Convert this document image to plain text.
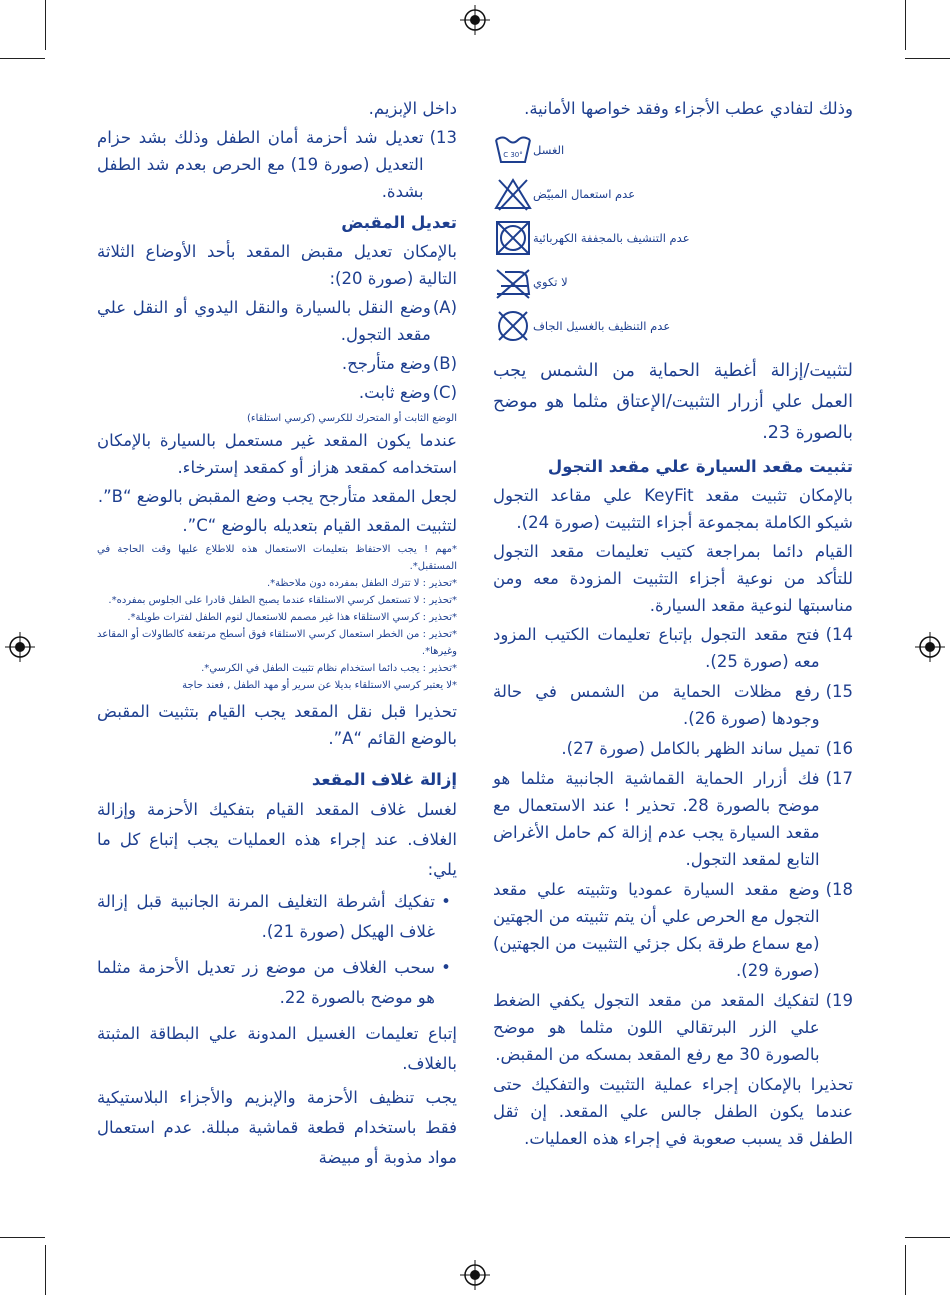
وذلك لتفادي عطب الأجزاء وفقد خواصها الأمانية.

30° C الغسل
عدم استعمال المبيّض
عدم التنشيف بالمجففة الكهربائية
لا تكوي
عدم التنظيف بالغسيل الجاف

لتثبيت/إزالة أغطية الحماية من الشمس يجب العمل علي أزرار التثبيت/الإعتاق مثلما هو موضح بالصورة 23.

تثبيت مقعد السيارة علي مقعد التجول

بالإمكان تثبيت مقعد KeyFit علي مقاعد التجول شيكو الكاملة بمجموعة أجزاء التثبيت (صورة 24).

القيام دائما بمراجعة كتيب تعليمات مقعد التجول للتأكد من نوعية أجزاء التثبيت المزودة معه ومن مناسبتها لنوعية مقعد السيارة.

14)
فتح مقعد التجول بإتباع تعليمات الكتيب المزود معه (صورة 25).
15)
رفع مظلات الحماية من الشمس في حالة وجودها (صورة 26).
16)
تميل ساند الظهر بالكامل (صورة 27).
17)
فك أزرار الحماية القماشية الجانبية مثلما هو موضح بالصورة 28. تحذير ! عند الاستعمال مع مقعد السيارة يجب عدم إزالة كم حامل الأغراض التابع لمقعد التجول.
18)
وضع مقعد السيارة عموديا وتثبيته علي مقعد التجول مع الحرص علي أن يتم تثبيته من الجهتين (مع سماع طرقة بكل جزئي التثبيت من الجهتين) (صورة 29).
19)
لتفكيك المقعد من مقعد التجول يكفي الضغط علي الزر البرتقالي اللون مثلما هو موضح بالصورة 30 مع رفع المقعد بمسكه من المقبض.

تحذيرا بالإمكان إجراء عملية التثبيت والتفكيك حتى عندما يكون الطفل جالس علي المقعد. إن ثقل الطفل قد يسبب صعوبة في إجراء هذه العمليات.

داخل الإبزيم.

13)
تعديل شد أحزمة أمان الطفل وذلك بشد حزام التعديل (صورة 19) مع الحرص بعدم شد الطفل بشدة.

تعديل المقبض

بالإمكان تعديل مقبض المقعد بأحد الأوضاع الثلاثة التالية (صورة 20):

(A)
وضع النقل بالسيارة والنقل اليدوي أو النقل علي مقعد التجول.
(B)
وضع متأرجح.
(C)
وضع ثابت.

الوضع الثابت أو المتحرك للكرسي (كرسي استلقاء)

عندما يكون المقعد غير مستعمل بالسيارة بالإمكان استخدامه كمقعد هزاز أو كمقعد إسترخاء.

لجعل المقعد متأرجح يجب وضع المقبض بالوضع “B”.

لتثبيت المقعد القيام بتعديله بالوضع “C”.

*مهم ! يجب الاحتفاظ بتعليمات الاستعمال هذه للاطلاع عليها وقت الحاجة في المستقبل*.

*تحذير : لا تترك الطفل بمفرده دون ملاحظة*.

*تحذير : لا تستعمل كرسي الاستلقاء عندما يصبح الطفل قادرا على الجلوس بمفرده*.

*تحذير : كرسي الاستلقاء هذا غير مصمم للاستعمال لنوم الطفل لفترات طويلة*.

*تحذير : من الخطر استعمال كرسي الاستلقاء فوق أسطح مرتفعة كالطاولات أو المقاعد وغيرها*.

*تحذير : يجب دائما استخدام نظام تثبيت الطفل في الكرسي*.

*لا يعتبر كرسي الاستلقاء بديلا عن سرير أو مهد الطفل , فعند حاجة

تحذيرا قبل نقل المقعد يجب القيام بتثبيت المقبض بالوضع القائم “A”.

إزالة غلاف المقعد

لغسل غلاف المقعد القيام بتفكيك الأحزمة وإزالة الغلاف. عند إجراء هذه العمليات يجب إتباع كل ما يلي:

•
تفكيك أشرطة التغليف المرنة الجانبية قبل إزالة غلاف الهيكل (صورة 21).
•
سحب الغلاف من موضع زر تعديل الأحزمة مثلما هو موضح بالصورة 22.

إتباع تعليمات الغسيل المدونة علي البطاقة المثبتة بالغلاف.

يجب تنظيف الأحزمة والإبزيم والأجزاء البلاستيكية فقط باستخدام قطعة قماشية مبللة. عدم استعمال مواد مذوبة أو مبيضة
